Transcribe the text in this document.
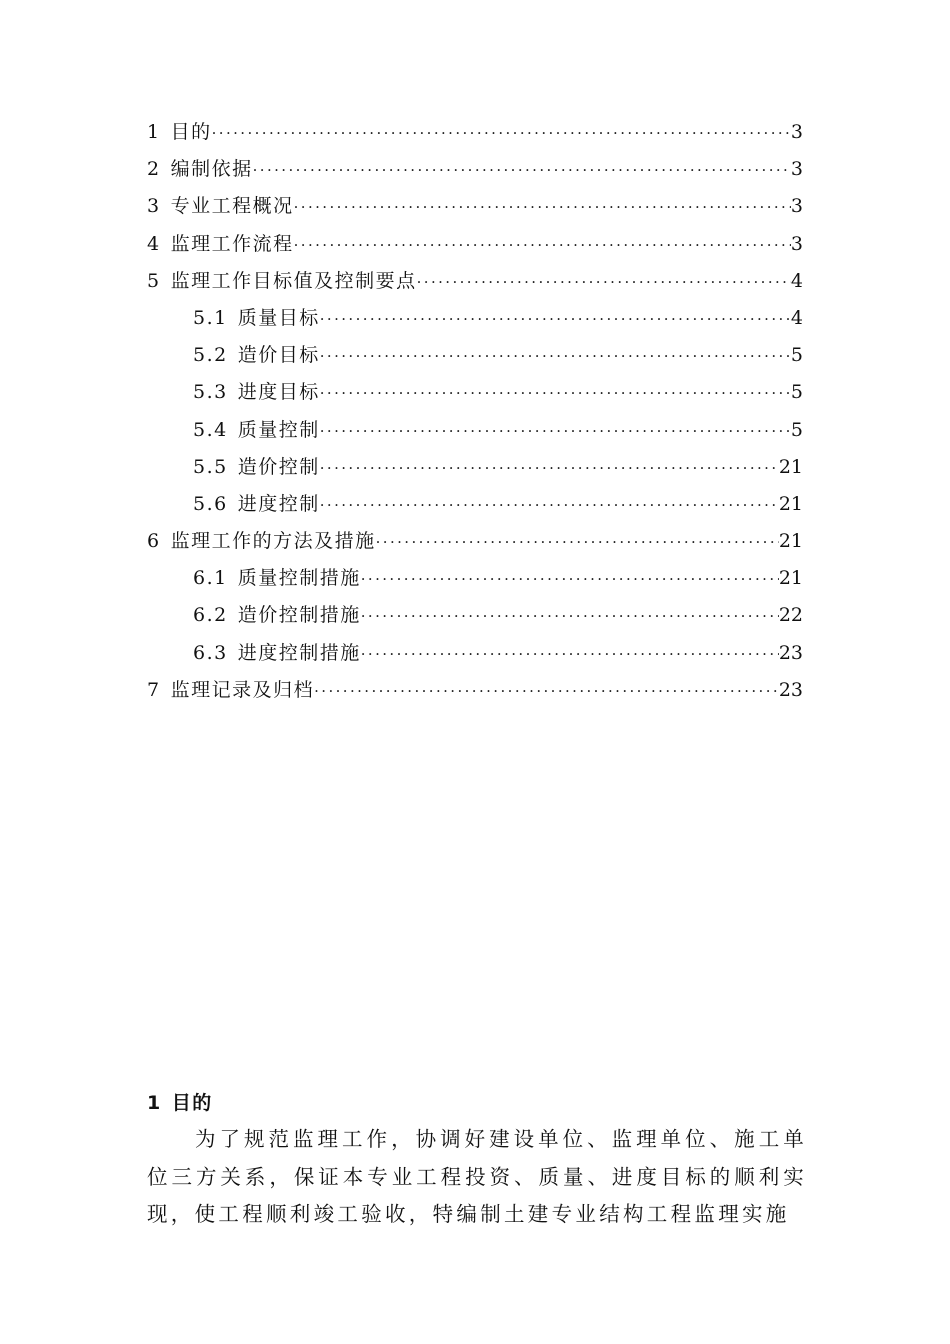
1 目的 ·····	3
2 编制依据 ·····	3
3 专业工程概况 ·····	3
4 监理工作流程 ·····	3
5 监理工作目标值及控制要点 ·····	4
5.1 质量目标 ·····	4
5.2 造价目标 ·····	5
5.3 进度目标 ·····	5
5.4 质量控制 ·····	5
5.5 造价控制 ·····	21
5.6 进度控制 ·····	21
6 监理工作的方法及措施 ·····	21
6.1 质量控制措施 ·····	21
6.2 造价控制措施 ·····	22
6.3 进度控制措施 ·····	23
7 监理记录及归档 ·····	23
1 目的

为了规范监理工作，协调好建设单位、监理单位、施工单位三方关系，保证本专业工程投资、质量、进度目标的顺利实现，使工程顺利竣工验收，特编制土建专业结构工程监理实施
